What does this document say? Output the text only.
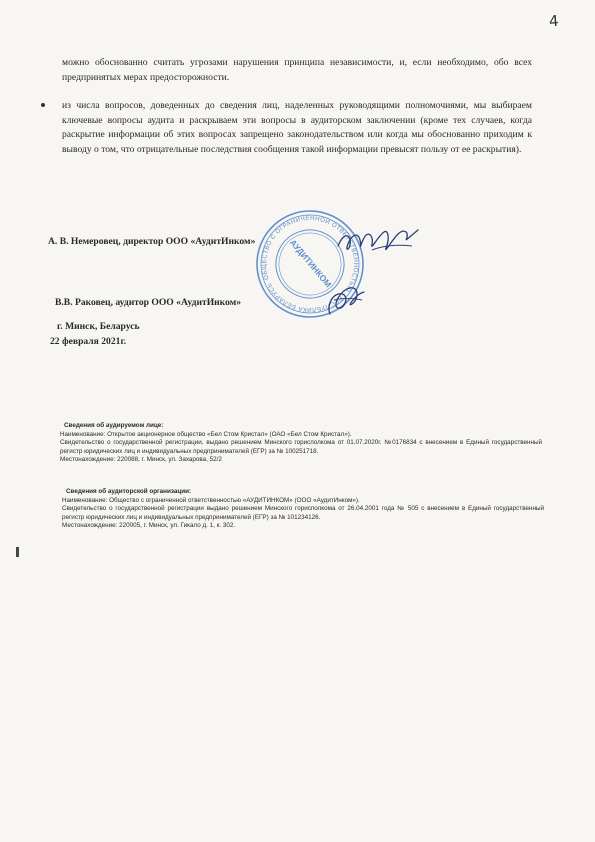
4

можно обоснованно считать угрозами нарушения принципа независимости, и, если необходимо, обо всех предпринятых мерах предосторожности.

из числа вопросов, доведенных до сведения лиц, наделенных руководящими полномочиями, мы выбираем ключевые вопросы аудита и раскрываем эти вопросы в аудиторском заключении (кроме тех случаев, когда раскрытие информации об этих вопросах запрещено законодательством или когда мы обоснованно приходим к выводу о том, что отрицательные последствия сообщения такой информации превысят пользу от ее раскрытия).

А. В. Немеровец, директор ООО «АудитИнком»

В.В. Раковец, аудитор ООО «АудитИнком»

г. Минск, Беларусь

22 февраля 2021г.

ОБЩЕСТВО С ОГРАНИЧЕННОЙ ОТВЕТСТВЕННОСТЬЮ · РЕСПУБЛИКА БЕЛАРУСЬ ·	АУДИТИНКОМ

Сведения об аудируемом лице:

Наименование: Открытое акционерное общество «Бел Стом Кристал» (ОАО «Бел Стом Кристал»).

Свидетельство о государственной регистрации, выдано решением Минского горисполкома от 01.07.2020г. №0176834 с внесением в Единый государственный регистр юридических лиц и индивидуальных предпринимателей (ЕГР) за № 100251718.

Местонахождение: 220088, г. Минск, ул. Захарова, 52/2

Сведения об аудиторской организации:

Наименование: Общество с ограниченной ответственностью «АУДИТИНКОМ» (ООО «АудитИнком»).

Свидетельство о государственной регистрации выдано решением Минского горисполкома от 26.04.2001 года № 505 с внесением в Единый государственный регистр юридических лиц и индивидуальных предпринимателей (ЕГР) за № 101234126.

Местонахождение: 220005, г. Минск, ул. Гикало д. 1, к. 302.
